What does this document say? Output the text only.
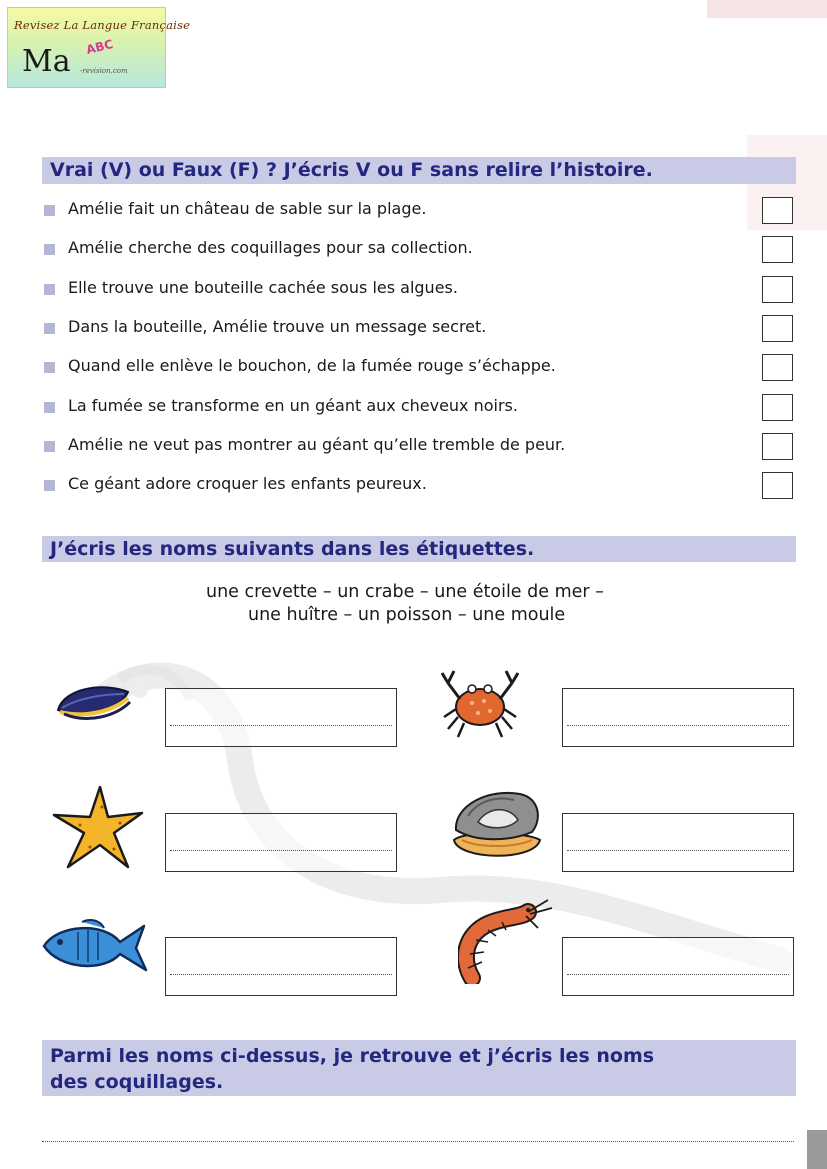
Revisez La Langue Française
Ma ABC
-revision.com
Vrai (V) ou Faux (F) ? J’écris V ou F sans relire l’histoire.
Amélie fait un château de sable sur la plage.
Amélie cherche des coquillages pour sa collection.
Elle trouve une bouteille cachée sous les algues.
Dans la bouteille, Amélie trouve un message secret.
Quand elle enlève le bouchon, de la fumée rouge s’échappe.
La fumée se transforme en un géant aux cheveux noirs.
Amélie ne veut pas montrer au géant qu’elle tremble de peur.
Ce géant adore croquer les enfants peureux.
J’écris les noms suivants dans les étiquettes.
une crevette – un crabe – une étoile de mer –
une huître – un poisson – une moule
Parmi les noms ci-dessus, je retrouve et j’écris les noms
des coquillages.
